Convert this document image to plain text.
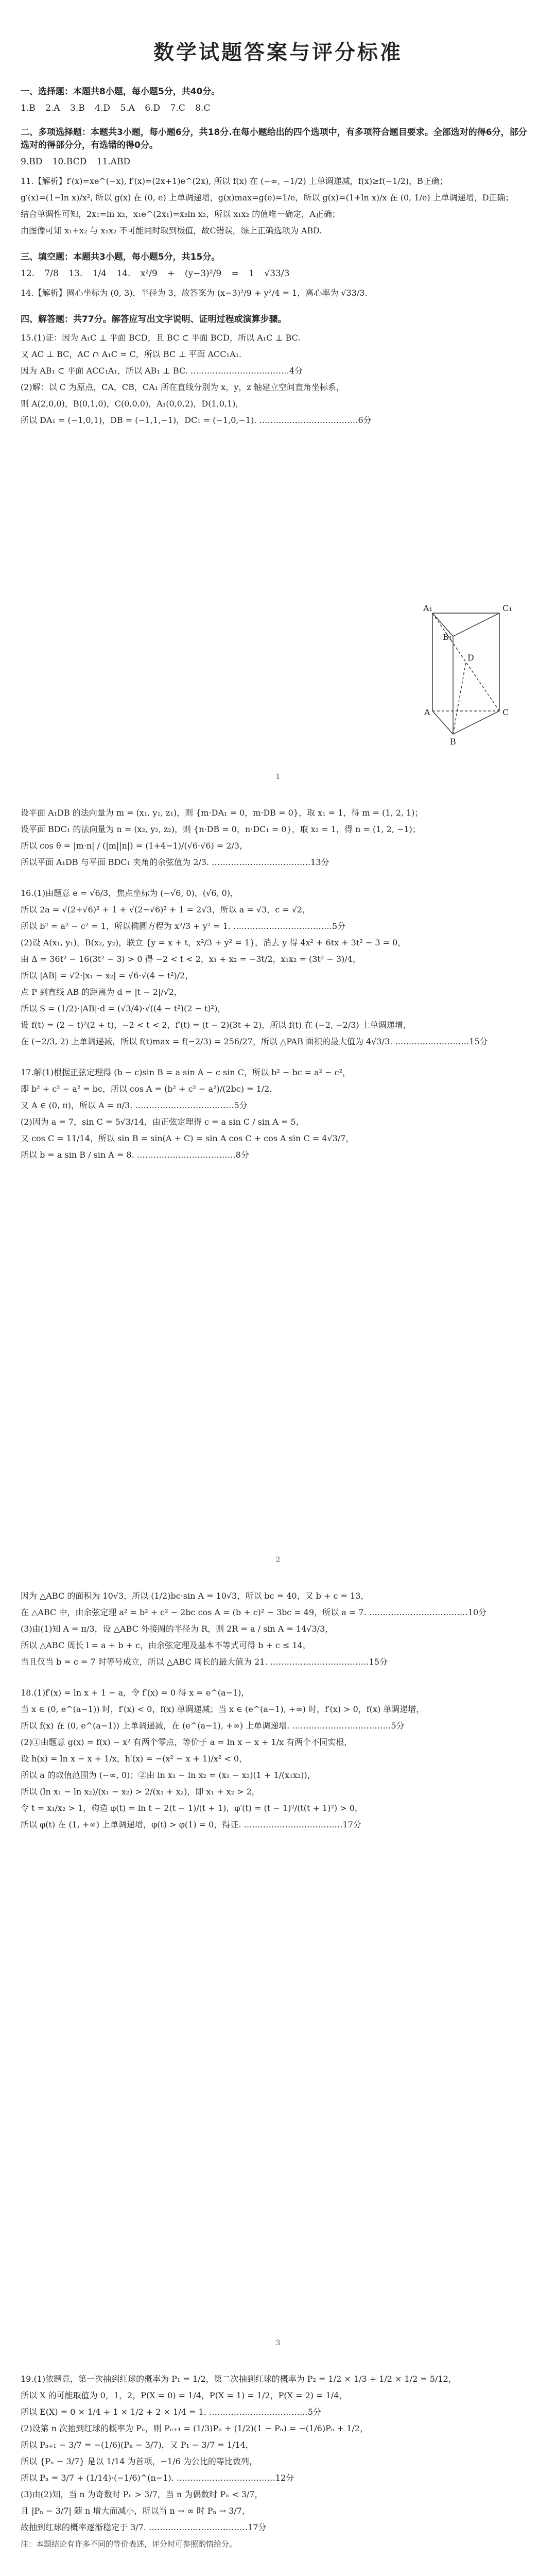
数学试题答案与评分标准
一、选择题：本题共8小题，每小题5分，共40分。
1.B 2.A 3.B 4.D 5.A 6.D 7.C 8.C
二、多项选择题：本题共3小题，每小题6分，共18分.在每小题给出的四个选项中，有多项符合题目要求。全部选对的得6分，部分选对的得部分分，有选错的得0分。
9.BD 10.BCD 11.ABD
11.【解析】f′(x)=xe^(−x), f′(x)=(2x+1)e^(2x), 所以 f(x) 在 (−∞, −1/2) 上单调递减，f(x)≥f(−1/2)，B正确；
g′(x)=(1−ln x)/x², 所以 g(x) 在 (0, e) 上单调递增，g(x)max=g(e)=1/e，所以 g(x)=(1+ln x)/x 在 (0, 1/e) 上单调递增，D正确；
结合单调性可知，2x₁=ln x₂，x₁e^(2x₁)=x₂ln x₂，所以 x₁x₂ 的值唯一确定，A正确；
由图像可知 x₁+x₂ 与 x₁x₂ 不可能同时取到极值，故C错误，综上正确选项为 ABD.
三、填空题：本题共3小题，每小题5分，共15分。
12. 7/8 13. 1/4 14. x²/9 + (y−3)²/9 = 1 √33/3
14.【解析】圆心坐标为 (0, 3)，半径为 3，故答案为 (x−3)²/9 + y²/4 = 1，离心率为 √33/3.
四、解答题：共77分。解答应写出文字说明、证明过程或演算步骤。
15.(1)证：因为 A₁C ⊥ 平面 BCD，且 BC ⊂ 平面 BCD，所以 A₁C ⊥ BC.
又 AC ⊥ BC，AC ∩ A₁C = C，所以 BC ⊥ 平面 ACC₁A₁.
因为 AB₁ ⊂ 平面 ACC₁A₁，所以 AB₁ ⊥ BC. ………………………………4分
(2)解：以 C 为原点，CA，CB，CA₁ 所在直线分别为 x，y，z 轴建立空间直角坐标系，
则 A(2,0,0)，B(0,1,0)，C(0,0,0)，A₁(0,0,2)，D(1,0,1)，
所以 DA₁ = (−1,0,1)，DB = (−1,1,−1)，DC₁ = (−1,0,−1). ………………………………6分
A₁	C₁
B₁
D
A	C
B
1
设平面 A₁DB 的法向量为 m = (x₁, y₁, z₁)，则 {m·DA₁ = 0，m·DB = 0}，取 x₁ = 1，得 m = (1, 2, 1)；
设平面 BDC₁ 的法向量为 n = (x₂, y₂, z₂)，则 {n·DB = 0，n·DC₁ = 0}，取 x₂ = 1，得 n = (1, 2, −1)；
所以 cos θ = |m·n| / (|m||n|) = (1+4−1)/(√6·√6) = 2/3，
所以平面 A₁DB 与平面 BDC₁ 夹角的余弦值为 2/3. ………………………………13分
16.(1)由题意 e = √6/3，焦点坐标为 (−√6, 0)，(√6, 0)，
所以 2a = √(2+√6)² + 1 + √(2−√6)² + 1 = 2√3，所以 a = √3，c = √2，
所以 b² = a² − c² = 1，所以椭圆方程为 x²/3 + y² = 1. ………………………………5分
(2)设 A(x₁, y₁)，B(x₂, y₂)，联立 {y = x + t，x²/3 + y² = 1}，消去 y 得 4x² + 6tx + 3t² − 3 = 0，
由 Δ = 36t² − 16(3t² − 3) > 0 得 −2 < t < 2，x₁ + x₂ = −3t/2，x₁x₂ = (3t² − 3)/4，
所以 |AB| = √2·|x₁ − x₂| = √6·√(4 − t²)/2，
点 P 到直线 AB 的距离为 d = |t − 2|/√2，
所以 S = (1/2)·|AB|·d = (√3/4)·√((4 − t²)(2 − t)²)，
设 f(t) = (2 − t)²(2 + t)，−2 < t < 2，f′(t) = (t − 2)(3t + 2)，所以 f(t) 在 (−2, −2/3) 上单调递增，
在 (−2/3, 2) 上单调递减，所以 f(t)max = f(−2/3) = 256/27，所以 △PAB 面积的最大值为 4√3/3. ………………………15分
17.解(1)根据正弦定理得 (b − c)sin B = a sin A − c sin C，所以 b² − bc = a² − c²，
即 b² + c² − a² = bc，所以 cos A = (b² + c² − a²)/(2bc) = 1/2，
又 A ∈ (0, π)，所以 A = π/3. ………………………………5分
(2)因为 a = 7，sin C = 5√3/14，由正弦定理得 c = a sin C / sin A = 5，
又 cos C = 11/14，所以 sin B = sin(A + C) = sin A cos C + cos A sin C = 4√3/7，
所以 b = a sin B / sin A = 8. ………………………………8分
2
因为 △ABC 的面积为 10√3，所以 (1/2)bc·sin A = 10√3，所以 bc = 40，又 b + c = 13，
在 △ABC 中，由余弦定理 a² = b² + c² − 2bc cos A = (b + c)² − 3bc = 49，所以 a = 7. ………………………………10分
(3)由(1)知 A = π/3，设 △ABC 外接圆的半径为 R，则 2R = a / sin A = 14√3/3，
所以 △ABC 周长 l = a + b + c，由余弦定理及基本不等式可得 b + c ≤ 14，
当且仅当 b = c = 7 时等号成立，所以 △ABC 周长的最大值为 21. ………………………………15分
18.(1)f′(x) = ln x + 1 − a，令 f′(x) = 0 得 x = e^(a−1)，
当 x ∈ (0, e^(a−1)) 时，f′(x) < 0，f(x) 单调递减；当 x ∈ (e^(a−1), +∞) 时，f′(x) > 0，f(x) 单调递增，
所以 f(x) 在 (0, e^(a−1)) 上单调递减，在 (e^(a−1), +∞) 上单调递增. ………………………………5分
(2)①由题意 g(x) = f(x) − x² 有两个零点，等价于 a = ln x − x + 1/x 有两个不同实根，
设 h(x) = ln x − x + 1/x，h′(x) = −(x² − x + 1)/x² < 0，
所以 a 的取值范围为 (−∞, 0)；②由 ln x₁ − ln x₂ = (x₁ − x₂)(1 + 1/(x₁x₂))，
所以 (ln x₁ − ln x₂)/(x₁ − x₂) > 2/(x₁ + x₂)，即 x₁ + x₂ > 2，
令 t = x₁/x₂ > 1，构造 φ(t) = ln t − 2(t − 1)/(t + 1)，φ′(t) = (t − 1)²/(t(t + 1)²) > 0，
所以 φ(t) 在 (1, +∞) 上单调递增，φ(t) > φ(1) = 0，得证. ………………………………17分
3
19.(1)依题意，第一次抽到红球的概率为 P₁ = 1/2，第二次抽到红球的概率为 P₂ = 1/2 × 1/3 + 1/2 × 1/2 = 5/12，
所以 X 的可能取值为 0，1，2，P(X = 0) = 1/4，P(X = 1) = 1/2，P(X = 2) = 1/4，
所以 E(X) = 0 × 1/4 + 1 × 1/2 + 2 × 1/4 = 1. ………………………………5分
(2)设第 n 次抽到红球的概率为 Pₙ，则 Pₙ₊₁ = (1/3)Pₙ + (1/2)(1 − Pₙ) = −(1/6)Pₙ + 1/2，
所以 Pₙ₊₁ − 3/7 = −(1/6)(Pₙ − 3/7)，又 P₁ − 3/7 = 1/14，
所以 {Pₙ − 3/7} 是以 1/14 为首项，−1/6 为公比的等比数列，
所以 Pₙ = 3/7 + (1/14)·(−1/6)^(n−1). ………………………………12分
(3)由(2)知，当 n 为奇数时 Pₙ > 3/7，当 n 为偶数时 Pₙ < 3/7，
且 |Pₙ − 3/7| 随 n 增大而减小，所以当 n → ∞ 时 Pₙ → 3/7，
故抽到红球的概率逐渐稳定于 3/7. ………………………………17分
注：本题结论有许多不同的等价表述，评分时可参照酌情给分。
